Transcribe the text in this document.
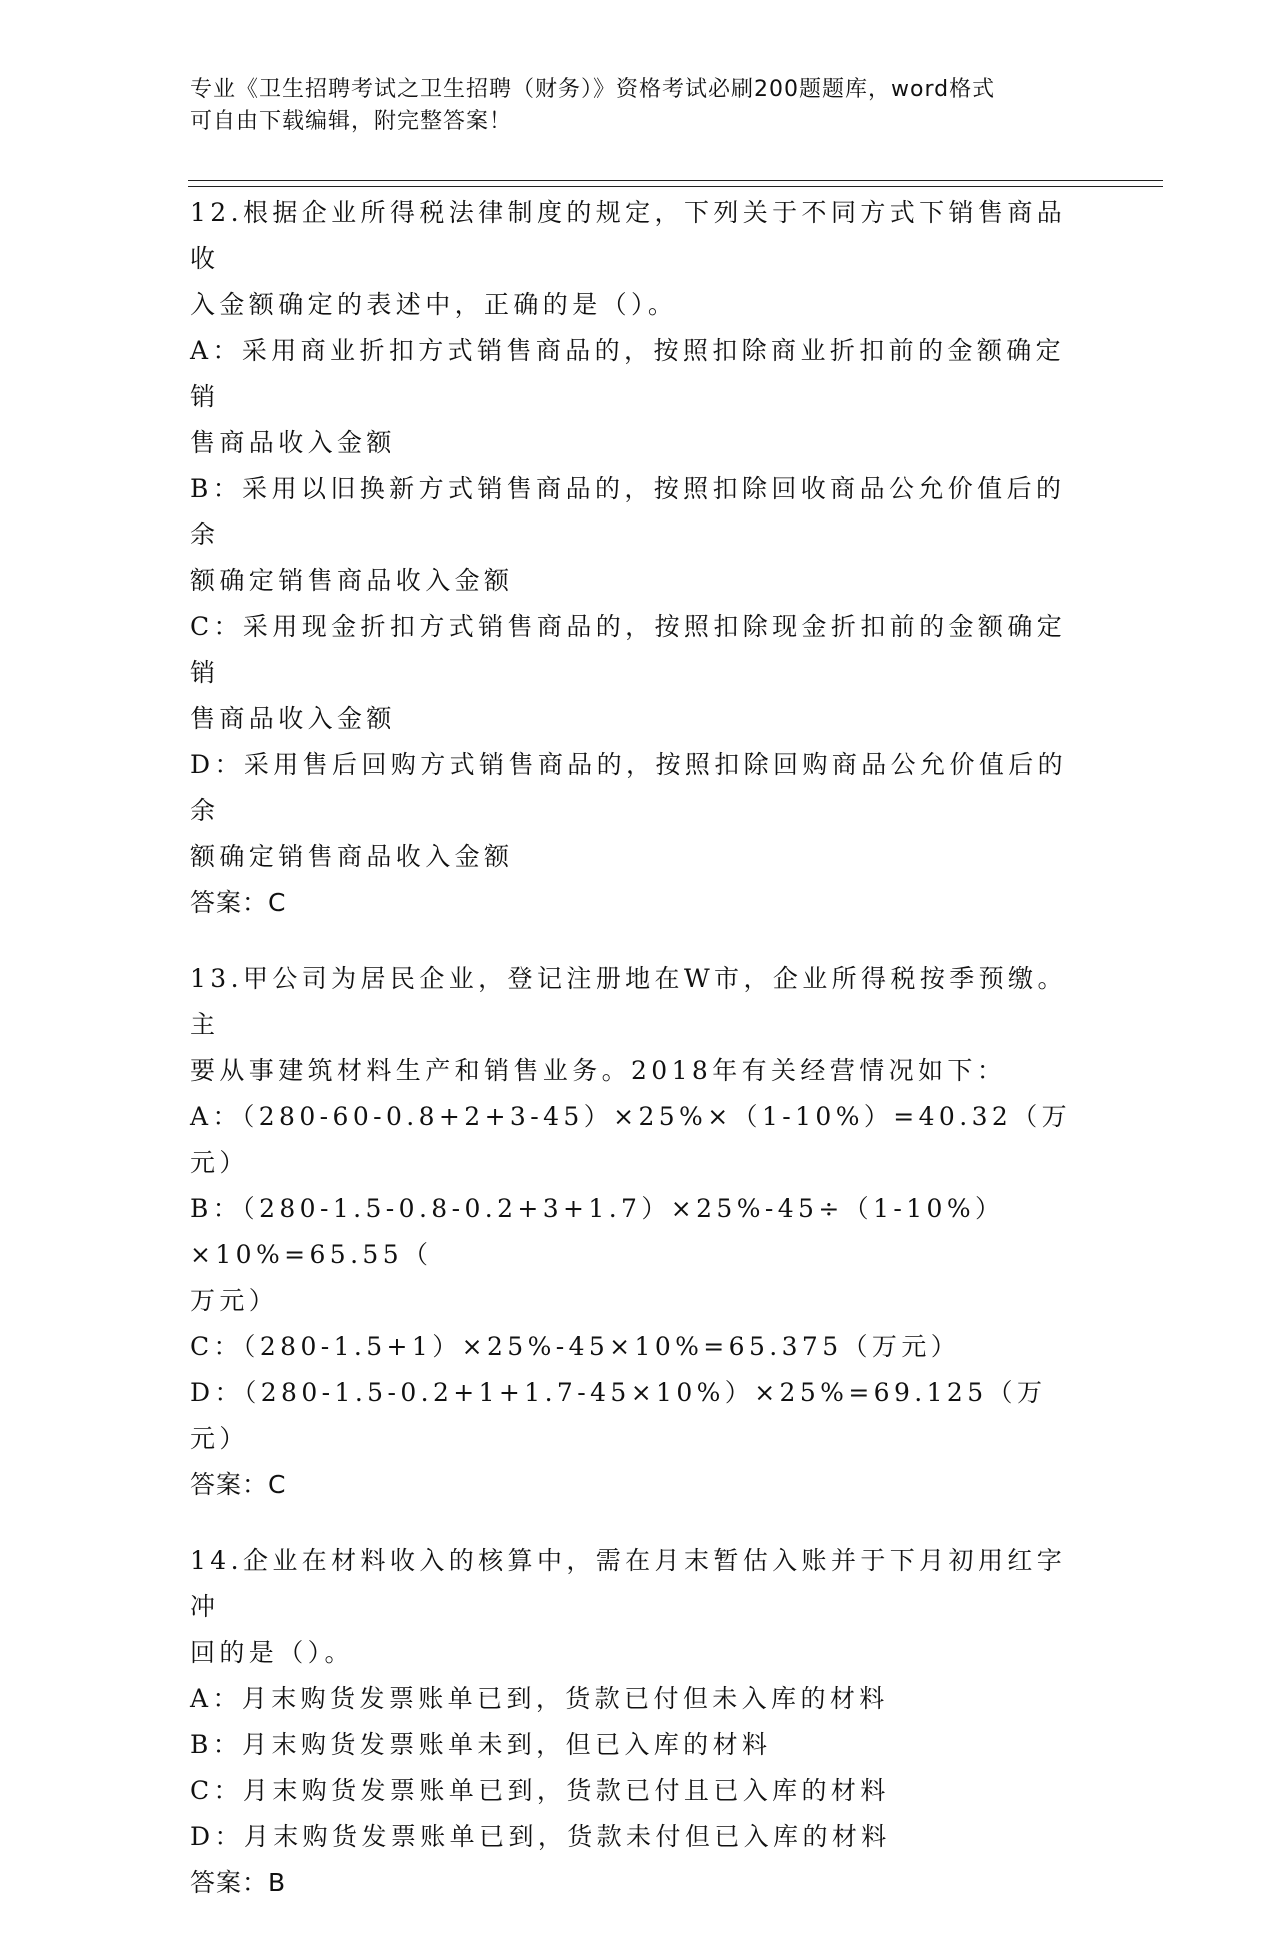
专业《卫生招聘考试之卫生招聘（财务）》资格考试必刷200题题库，word格式
可自由下载编辑，附完整答案！

12.根据企业所得税法律制度的规定，下列关于不同方式下销售商品收

入金额确定的表述中，正确的是（）。

A：采用商业折扣方式销售商品的，按照扣除商业折扣前的金额确定销

售商品收入金额

B：采用以旧换新方式销售商品的，按照扣除回收商品公允价值后的余

额确定销售商品收入金额

C：采用现金折扣方式销售商品的，按照扣除现金折扣前的金额确定销

售商品收入金额

D：采用售后回购方式销售商品的，按照扣除回购商品公允价值后的余

额确定销售商品收入金额

答案：C

13.甲公司为居民企业，登记注册地在W市，企业所得税按季预缴。主

要从事建筑材料生产和销售业务。2018年有关经营情况如下：

A：（280-60-0.8+2+3-45）×25%×（1-10%）=40.32（万元）

B：（280-1.5-0.8-0.2+3+1.7）×25%-45÷（1-10%）×10%=65.55（

万元）

C：（280-1.5+1）×25%-45×10%=65.375（万元）

D：（280-1.5-0.2+1+1.7-45×10%）×25%=69.125（万元）

答案：C

14.企业在材料收入的核算中，需在月末暂估入账并于下月初用红字冲

回的是（）。

A：月末购货发票账单已到，货款已付但未入库的材料

B：月末购货发票账单未到，但已入库的材料

C：月末购货发票账单已到，货款已付且已入库的材料

D：月末购货发票账单已到，货款未付但已入库的材料

答案：B
